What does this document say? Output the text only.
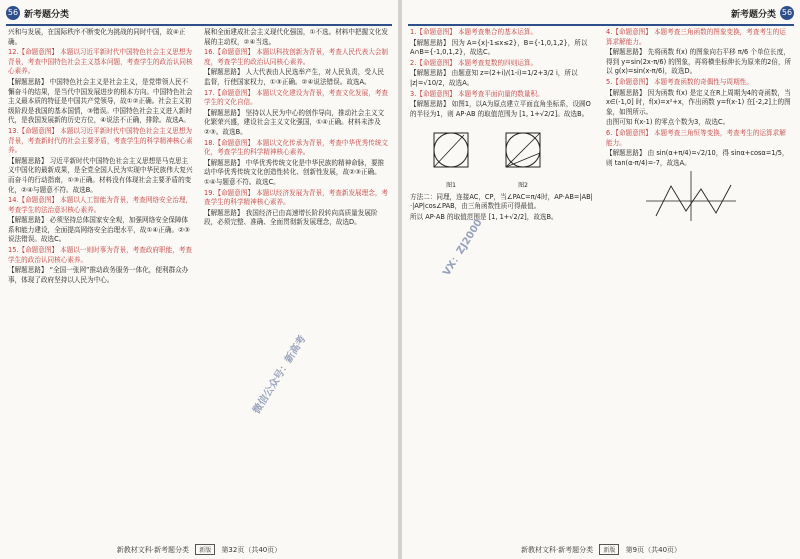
56 新考题分类

兴和与发展，在国际秩序不断变化为挑战的同时中国，故④正确。

12.【命题意图】 本题以习近平新时代中国特色社会主义思想为背景，考查中国特色社会主义基本问题，考查学生的政治认同核心素养。

【解题思路】 中国特色社会主义是社会主义，是党带领人民不懈奋斗的结果，是当代中国发展进步的根本方向。中国特色社会主义最本质的特征是中国共产党领导，故①②正确。社会主义初级阶段是我国的基本国情，③错误。中国特色社会主义进入新时代，是我国发展新的历史方位，④说法不正确，排除。故选A。

13.【命题意图】 本题以习近平新时代中国特色社会主义思想为背景，考查新时代的社会主要矛盾，考查学生的科学精神核心素养。

【解题思路】 习近平新时代中国特色社会主义思想是马克思主义中国化的最新成果，是全党全国人民为实现中华民族伟大复兴而奋斗的行动指南，①③正确。材料没有体现社会主要矛盾的变化，②④与题意不符。故选B。

14.【命题意图】 本题以人工智能为背景，考查网络安全治理，考查学生的法治意识核心素养。

【解题思路】 必须坚持总体国家安全观，加强网络安全保障体系和能力建设，全面提高网络安全治理水平，故①④正确。②③说法错误。故选C。

15.【命题意图】 本题以一则时事为背景，考查政府职能，考查学生的政治认同核心素养。

【解题思路】 “全国一张网”推动政务服务一体化，便利群众办事，体现了政府坚持以人民为中心。

展和全面建成社会主义现代化强国，①不选。材料中把握文化发展的主动权，②④当选。

16.【命题意图】 本题以科技创新为背景，考查人民代表大会制度，考查学生的政治认同核心素养。

【解题思路】 人大代表由人民选举产生，对人民负责，受人民监督，行使国家权力，①③正确。②④说法错误。故选A。

17.【命题意图】 本题以文化建设为背景，考查文化发展，考查学生的文化自信。

【解题思路】 坚持以人民为中心的创作导向，推动社会主义文化繁荣兴盛，建设社会主义文化强国，①④正确。材料未涉及②③。故选B。

18.【命题意图】 本题以文化传承为背景，考查中华优秀传统文化，考查学生的科学精神核心素养。

【解题思路】 中华优秀传统文化是中华民族的精神命脉，要推动中华优秀传统文化创造性转化、创新性发展，故②③正确。①④与题意不符。故选C。

19.【命题意图】 本题以经济发展为背景，考查新发展理念，考查学生的科学精神核心素养。

【解题思路】 我国经济已由高速增长阶段转向高质量发展阶段，必须完整、准确、全面贯彻新发展理念，故选D。

微信公众号：新高考
新教材文科·新考题分类 新版 第32页（共40页）
新考题分类 56

1.【命题意图】 本题考查集合的基本运算。

【解题思路】 因为 A={x|-1≤x≤2}，B={-1,0,1,2}，所以 A∩B={-1,0,1,2}，故选C。

2.【命题意图】 本题考查复数的四则运算。

【解题思路】 由题意知 z=(2+i)/(1-i)=1/2+3/2 i，所以 |z|=√10/2，故选A。

3.【命题意图】 本题考查平面向量的数量积。

【解题思路】 如图1，以A为原点建立平面直角坐标系，设圆O的半径为1，则 AP·AB 的取值范围为 [1, 1+√2/2]。故选B。

图1	图2

方法二：同理，连接AC，CP，当∠PAC=π/4时，AP·AB=|AB|·|AP|cos∠PAB，由三角函数性质可得最值。

所以 AP·AB 的取值范围是 [1, 1+√2/2]，故选B。

4.【命题意图】 本题考查三角函数的图象变换，考查考生的运算求解能力。

【解题思路】 先将函数 f(x) 的图象向右平移 π/6 个单位长度，得到 y=sin(2x-π/6) 的图象，再将横坐标伸长为原来的2倍，所以 g(x)=sin(x-π/6)，故选D。

5.【命题意图】 本题考查函数的奇偶性与周期性。

【解题思路】 因为函数 f(x) 是定义在R上周期为4的奇函数，当 x∈(-1,0] 时，f(x)=x²+x，作出函数 y=f(x-1) 在[-2,2]上的图象，如图所示。

由图可知 f(x-1) 的零点个数为3，故选C。

6.【命题意图】 本题考查三角恒等变换，考查考生的运算求解能力。

【解题思路】 由 sin(α+π/4)=√2/10，得 sinα+cosα=1/5，则 tan(α-π/4)=-7，故选A。

VX：ZJ2000
新教材文科·新考题分类 新版 第9页（共40页）
